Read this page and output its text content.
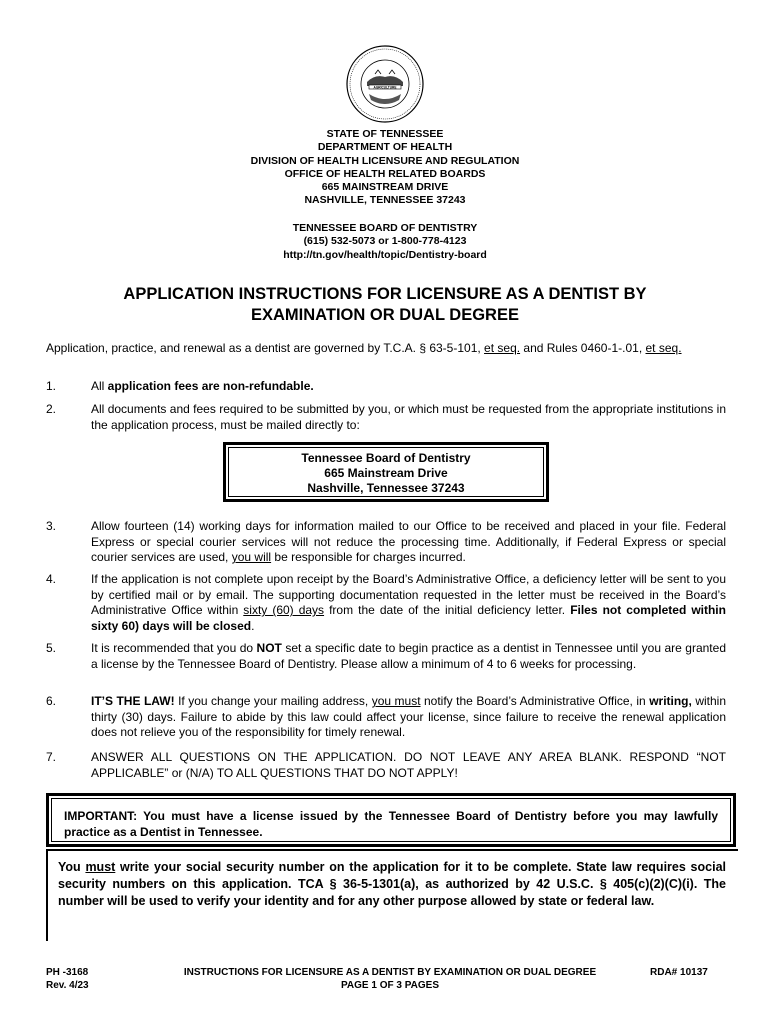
AGRICULTURE
STATE OF TENNESSEE
DEPARTMENT OF HEALTH
DIVISION OF HEALTH LICENSURE AND REGULATION
OFFICE OF HEALTH RELATED BOARDS
665 MAINSTREAM DRIVE
NASHVILLE, TENNESSEE 37243
TENNESSEE BOARD OF DENTISTRY
(615) 532-5073 or 1-800-778-4123
http://tn.gov/health/topic/Dentistry-board
APPLICATION INSTRUCTIONS FOR LICENSURE AS A DENTIST BY
EXAMINATION OR DUAL DEGREE
Application, practice, and renewal as a dentist are governed by T.C.A. § 63-5-101, et seq. and Rules 0460-1-.01, et seq.
1.	All application fees are non-refundable.
2.	All documents and fees required to be submitted by you, or which must be requested from the appropriate institutions in the application process, must be mailed directly to:
Tennessee Board of Dentistry
665 Mainstream Drive
Nashville, Tennessee 37243
3.	Allow fourteen (14) working days for information mailed to our Office to be received and placed in your file. Federal Express or special courier services will not reduce the processing time. Additionally, if Federal Express or special courier services are used, you will be responsible for charges incurred.
4.	If the application is not complete upon receipt by the Board’s Administrative Office, a deficiency letter will be sent to you by certified mail or by email. The supporting documentation requested in the letter must be received in the Board’s Administrative Office within sixty (60) days from the date of the initial deficiency letter. Files not completed within sixty 60) days will be closed.
5.	It is recommended that you do NOT set a specific date to begin practice as a dentist in Tennessee until you are granted a license by the Tennessee Board of Dentistry. Please allow a minimum of 4 to 6 weeks for processing.
6.	IT’S THE LAW! If you change your mailing address, you must notify the Board’s Administrative Office, in writing, within thirty (30) days. Failure to abide by this law could affect your license, since failure to receive the renewal application does not relieve you of the responsibility for timely renewal.
7.	ANSWER ALL QUESTIONS ON THE APPLICATION. DO NOT LEAVE ANY AREA BLANK. RESPOND “NOT APPLICABLE” or (N/A) TO ALL QUESTIONS THAT DO NOT APPLY!
IMPORTANT: You must have a license issued by the Tennessee Board of Dentistry before you may lawfully practice as a Dentist in Tennessee.
You must write your social security number on the application for it to be complete. State law requires social security numbers on this application. TCA § 36-5-1301(a), as authorized by 42 U.S.C. § 405(c)(2)(C)(i). The number will be used to verify your identity and for any other purpose allowed by state or federal law.
PH -3168
Rev. 4/23
INSTRUCTIONS FOR LICENSURE AS A DENTIST BY EXAMINATION OR DUAL DEGREE
PAGE 1 OF 3 PAGES
RDA# 10137
